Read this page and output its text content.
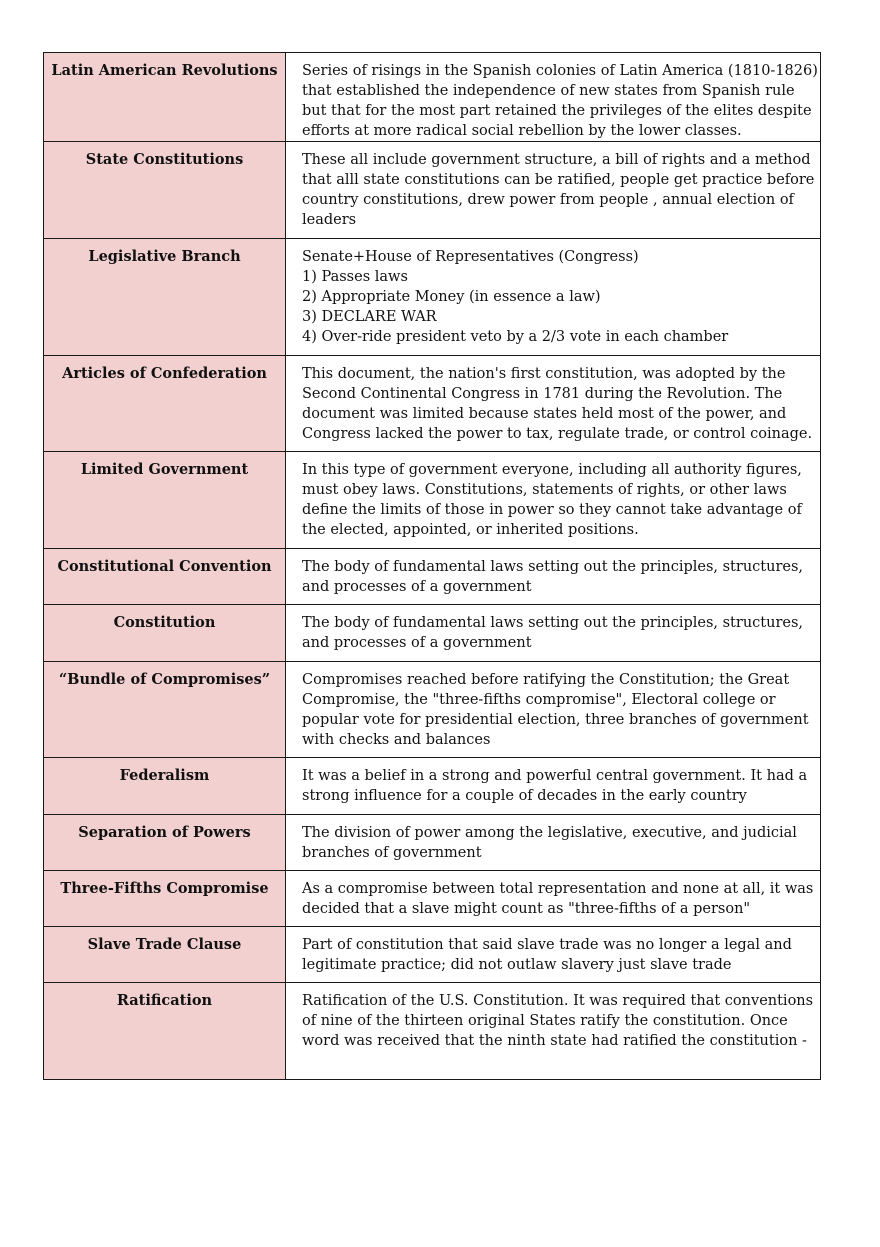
Latin American Revolutions	Series of risings in the Spanish colonies of Latin America (1810-1826) that established the independence of new states from Spanish rule but that for the most part retained the privileges of the elites despite efforts at more radical social rebellion by the lower classes.

State Constitutions	These all include government structure, a bill of rights and a method that alll state constitutions can be ratified, people get practice before country constitutions, drew power from people , annual election of leaders

Legislative Branch	Senate+House of Representatives (Congress)
1) Passes laws
2) Appropriate Money (in essence a law)
3) DECLARE WAR
4) Over-ride president veto by a 2/3 vote in each chamber

Articles of Confederation	This document, the nation's first constitution, was adopted by the Second Continental Congress in 1781 during the Revolution. The document was limited because states held most of the power, and Congress lacked the power to tax, regulate trade, or control coinage.

Limited Government	In this type of government everyone, including all authority figures, must obey laws. Constitutions, statements of rights, or other laws define the limits of those in power so they cannot take advantage of the elected, appointed, or inherited positions.

Constitutional Convention	The body of fundamental laws setting out the principles, structures, and processes of a government

Constitution	The body of fundamental laws setting out the principles, structures, and processes of a government

“Bundle of Compromises”	Compromises reached before ratifying the Constitution; the Great Compromise, the "three-fifths compromise", Electoral college or popular vote for presidential election, three branches of government with checks and balances

Federalism	It was a belief in a strong and powerful central government. It had a strong influence for a couple of decades in the early country

Separation of Powers	The division of power among the legislative, executive, and judicial branches of government

Three-Fifths Compromise	As a compromise between total representation and none at all, it was decided that a slave might count as "three-fifths of a person"

Slave Trade Clause	Part of constitution that said slave trade was no longer a legal and legitimate practice; did not outlaw slavery just slave trade

Ratification	Ratification of the U.S. Constitution. It was required that conventions of nine of the thirteen original States ratify the constitution. Once word was received that the ninth state had ratified the constitution -
